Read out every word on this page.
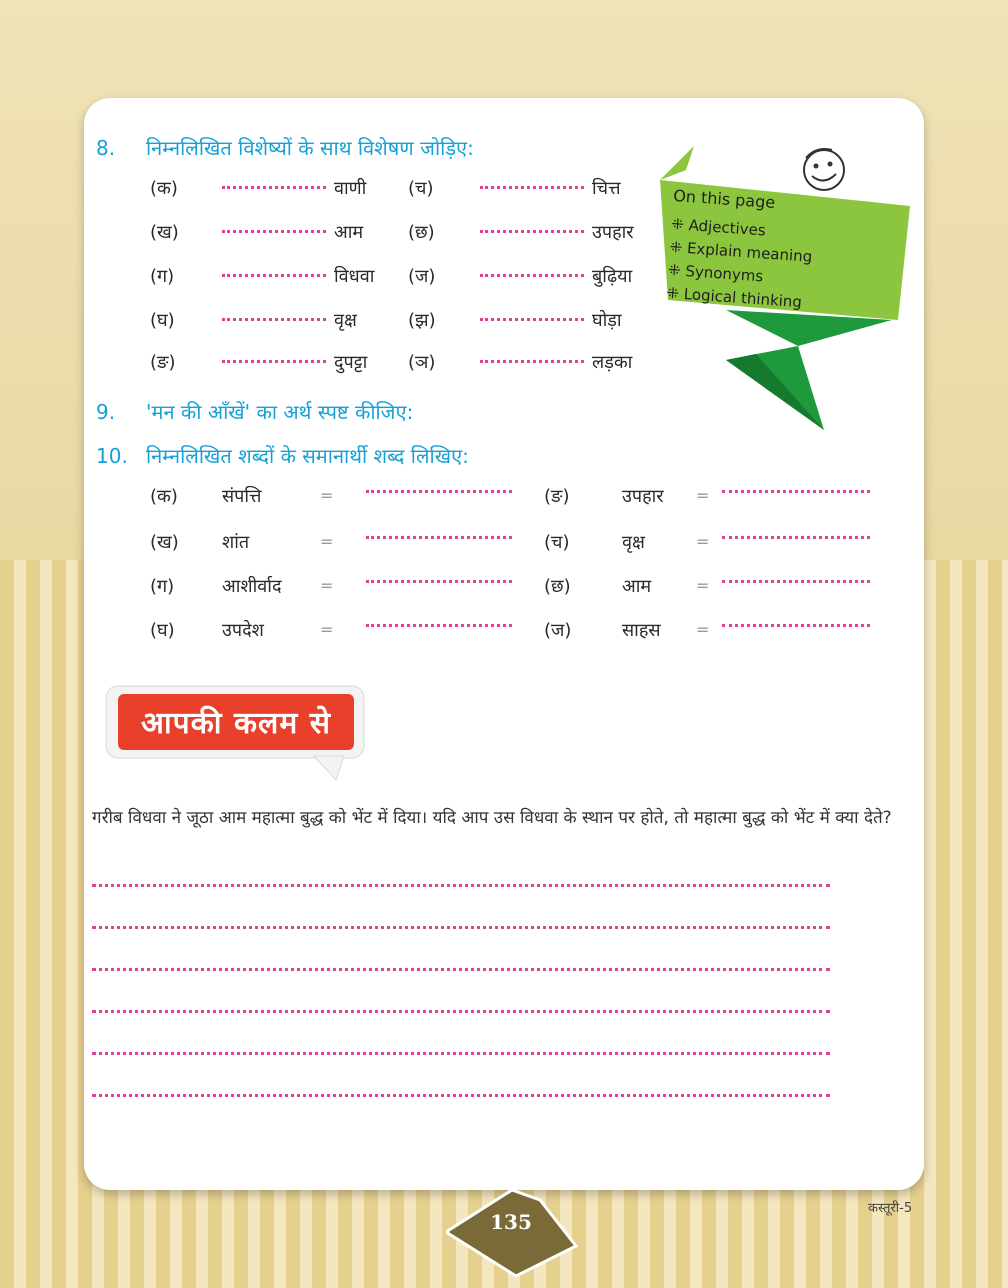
8. निम्नलिखित विशेष्यों के साथ विशेषण जोड़िए:
(क)	वाणी (च)	चित्त
(ख)	आम (छ)	उपहार
(ग)	विधवा (ज)	बुढ़िया
(घ)	वृक्ष	(झ)	घोड़ा
(ङ)	दुपट्टा (ञ)	लड़का
9. 'मन की आँखें' का अर्थ स्पष्ट कीजिए:
10. निम्नलिखित शब्दों के समानार्थी शब्द लिखिए:
(क) संपत्ति	=	(ङ)	उपहार =
(ख) शांत	=	(च)	वृक्ष	=
(ग)	आशीर्वाद =	(छ)	आम	=
(घ)	उपदेश	=	(ज)	साहस =
On this page
⁜ Adjectives
⁜ Explain meaning
⁜ Synonyms
⁜ Logical thinking
आपकी कलम से
गरीब विधवा ने जूठा आम महात्मा बुद्ध को भेंट में दिया। यदि आप उस विधवा के स्थान पर होते, तो महात्मा बुद्ध को भेंट में क्या देते?
135
कस्तूरी-5
